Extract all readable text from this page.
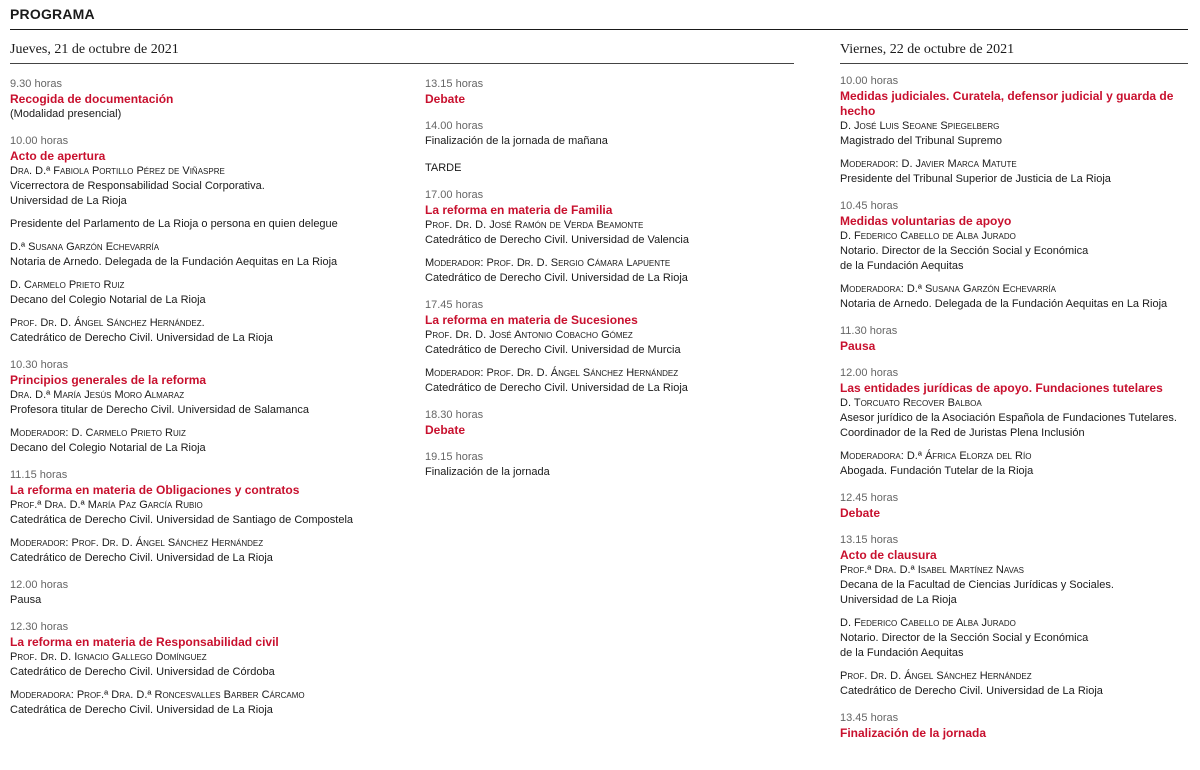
PROGRAMA
Jueves, 21 de octubre de 2021	Viernes, 22 de octubre de 2021
9.30 horas
Recogida de documentación
(Modalidad presencial)
10.00 horas
Acto de apertura
Dra. D.ª Fabiola Portillo Pérez de Viñaspre
Vicerrectora de Responsabilidad Social Corporativa.
Universidad de La Rioja
Presidente del Parlamento de La Rioja o persona en quien delegue
D.ª Susana Garzón Echevarría
Notaria de Arnedo. Delegada de la Fundación Aequitas en La Rioja
D. Carmelo Prieto Ruiz
Decano del Colegio Notarial de La Rioja
Prof. Dr. D. Ángel Sánchez Hernández.
Catedrático de Derecho Civil. Universidad de La Rioja
10.30 horas
Principios generales de la reforma
Dra. D.ª María Jesús Moro Almaraz
Profesora titular de Derecho Civil. Universidad de Salamanca
Moderador: D. Carmelo Prieto Ruiz
Decano del Colegio Notarial de La Rioja
11.15 horas
La reforma en materia de Obligaciones y contratos
Prof.ª Dra. D.ª María Paz García Rubio
Catedrática de Derecho Civil. Universidad de Santiago de Compostela
Moderador: Prof. Dr. D. Ángel Sánchez Hernández
Catedrático de Derecho Civil. Universidad de La Rioja
12.00 horas
Pausa
12.30 horas
La reforma en materia de Responsabilidad civil
Prof. Dr. D. Ignacio Gallego Domínguez
Catedrático de Derecho Civil. Universidad de Córdoba
Moderadora: Prof.ª Dra. D.ª Roncesvalles Barber Cárcamo
Catedrática de Derecho Civil. Universidad de La Rioja
13.15 horas
Debate
14.00 horas
Finalización de la jornada de mañana
TARDE
17.00 horas
La reforma en materia de Familia
Prof. Dr. D. José Ramón de Verda Beamonte
Catedrático de Derecho Civil. Universidad de Valencia
Moderador: Prof. Dr. D. Sergio Cámara Lapuente
Catedrático de Derecho Civil. Universidad de La Rioja
17.45 horas
La reforma en materia de Sucesiones
Prof. Dr. D. José Antonio Cobacho Gómez
Catedrático de Derecho Civil. Universidad de Murcia
Moderador: Prof. Dr. D. Ángel Sánchez Hernández
Catedrático de Derecho Civil. Universidad de La Rioja
18.30 horas
Debate
19.15 horas
Finalización de la jornada
10.00 horas
Medidas judiciales. Curatela, defensor judicial y guarda de hecho
D. José Luis Seoane Spiegelberg
Magistrado del Tribunal Supremo
Moderador: D. Javier Marca Matute
Presidente del Tribunal Superior de Justicia de La Rioja
10.45 horas
Medidas voluntarias de apoyo
D. Federico Cabello de Alba Jurado
Notario. Director de la Sección Social y Económica
de la Fundación Aequitas
Moderadora: D.ª Susana Garzón Echevarría
Notaria de Arnedo. Delegada de la Fundación Aequitas en La Rioja
11.30 horas
Pausa
12.00 horas
Las entidades jurídicas de apoyo. Fundaciones tutelares
D. Torcuato Recover Balboa
Asesor jurídico de la Asociación Española de Fundaciones Tutelares.
Coordinador de la Red de Juristas Plena Inclusión
Moderadora: D.ª África Elorza del Río
Abogada. Fundación Tutelar de la Rioja
12.45 horas
Debate
13.15 horas
Acto de clausura
Prof.ª Dra. D.ª Isabel Martínez Navas
Decana de la Facultad de Ciencias Jurídicas y Sociales.
Universidad de La Rioja
D. Federico Cabello de Alba Jurado
Notario. Director de la Sección Social y Económica
de la Fundación Aequitas
Prof. Dr. D. Ángel Sánchez Hernández
Catedrático de Derecho Civil. Universidad de La Rioja
13.45 horas
Finalización de la jornada
